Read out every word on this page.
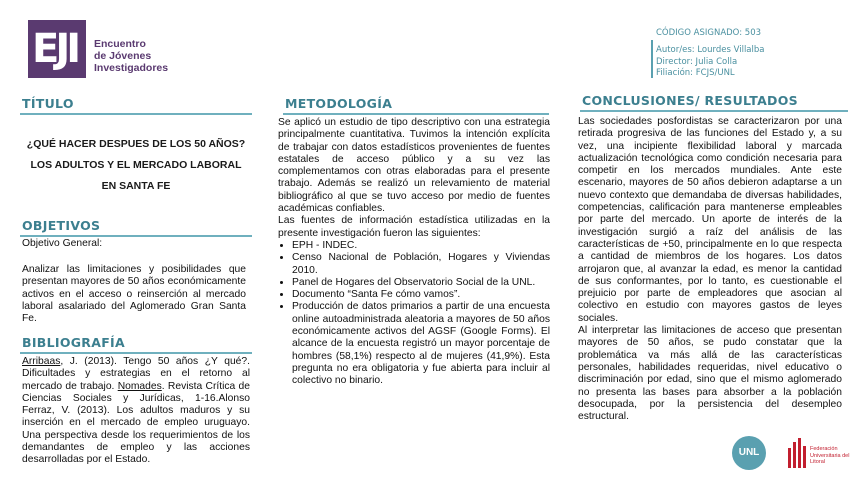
EJI Encuentro
de Jóvenes
Investigadores
CÓDIGO ASIGNADO: 503
Autor/es: Lourdes Villalba
Director: Julia Colla
Filiación: FCJS/UNL
TÍTULO
¿QUÉ HACER DESPUES DE LOS 50 AÑOS?
LOS ADULTOS Y EL MERCADO LABORAL
EN SANTA FE
OBJETIVOS
Objetivo General:
Analizar las limitaciones y posibilidades que presentan mayores de 50 años económicamente activos en el acceso o reinserción al mercado laboral asalariado del Aglomerado Gran Santa Fe.
BIBLIOGRAFÍA
Arribaas, J. (2013). Tengo 50 años ¿Y qué?. Dificultades y estrategias en el retorno al mercado de trabajo. Nomades. Revista Crítica de Ciencias Sociales y Jurídicas, 1-16.Alonso Ferraz, V. (2013). Los adultos maduros y su inserción en el mercado de empleo uruguayo. Una perspectiva desde los requerimientos de los demandantes de empleo y las acciones desarrolladas por el Estado.
METODOLOGÍA
Se aplicó un estudio de tipo descriptivo con una estrategia principalmente cuantitativa. Tuvimos la intención explícita de trabajar con datos estadísticos provenientes de fuentes estatales de acceso público y a su vez las complementamos con otras elaboradas para el presente trabajo. Además se realizó un relevamiento de material bibliográfico al que se tuvo acceso por medio de fuentes académicas confiables.
Las fuentes de información estadística utilizadas en la presente investigación fueron las siguientes:
• EPH - INDEC.
• Censo Nacional de Población, Hogares y Viviendas 2010.
• Panel de Hogares del Observatorio Social de la UNL.
• Documento “Santa Fe cómo vamos”.
• Producción de datos primarios a partir de una encuesta online autoadministrada aleatoria a mayores de 50 años económicamente activos del AGSF (Google Forms). El alcance de la encuesta registró un mayor porcentaje de hombres (58,1%) respecto al de mujeres (41,9%). Esta pregunta no era obligatoria y fue abierta para incluir al colectivo no binario.
CONCLUSIONES/ RESULTADOS
Las sociedades posfordistas se caracterizaron por una retirada progresiva de las funciones del Estado y, a su vez, una incipiente flexibilidad laboral y marcada actualización tecnológica como condición necesaria para competir en los mercados mundiales. Ante este escenario, mayores de 50 años debieron adaptarse a un nuevo contexto que demandaba de diversas habilidades, competencias, calificación para mantenerse empleables por parte del mercado. Un aporte de interés de la investigación surgió a raíz del análisis de las características de +50, principalmente en lo que respecta a cantidad de miembros de los hogares. Los datos arrojaron que, al avanzar la edad, es menor la cantidad de sus conformantes, por lo tanto, es cuestionable el prejuicio por parte de empleadores que asocian al colectivo en estudio con mayores gastos de leyes sociales.
Al interpretar las limitaciones de acceso que presentan mayores de 50 años, se pudo constatar que la problemática va más allá de las características personales, habilidades requeridas, nivel educativo o discriminación por edad, sino que el mismo aglomerado no presenta las bases para absorber a la población desocupada, por la persistencia del desempleo estructural.
UNL	Federación Universitaria del Litoral
